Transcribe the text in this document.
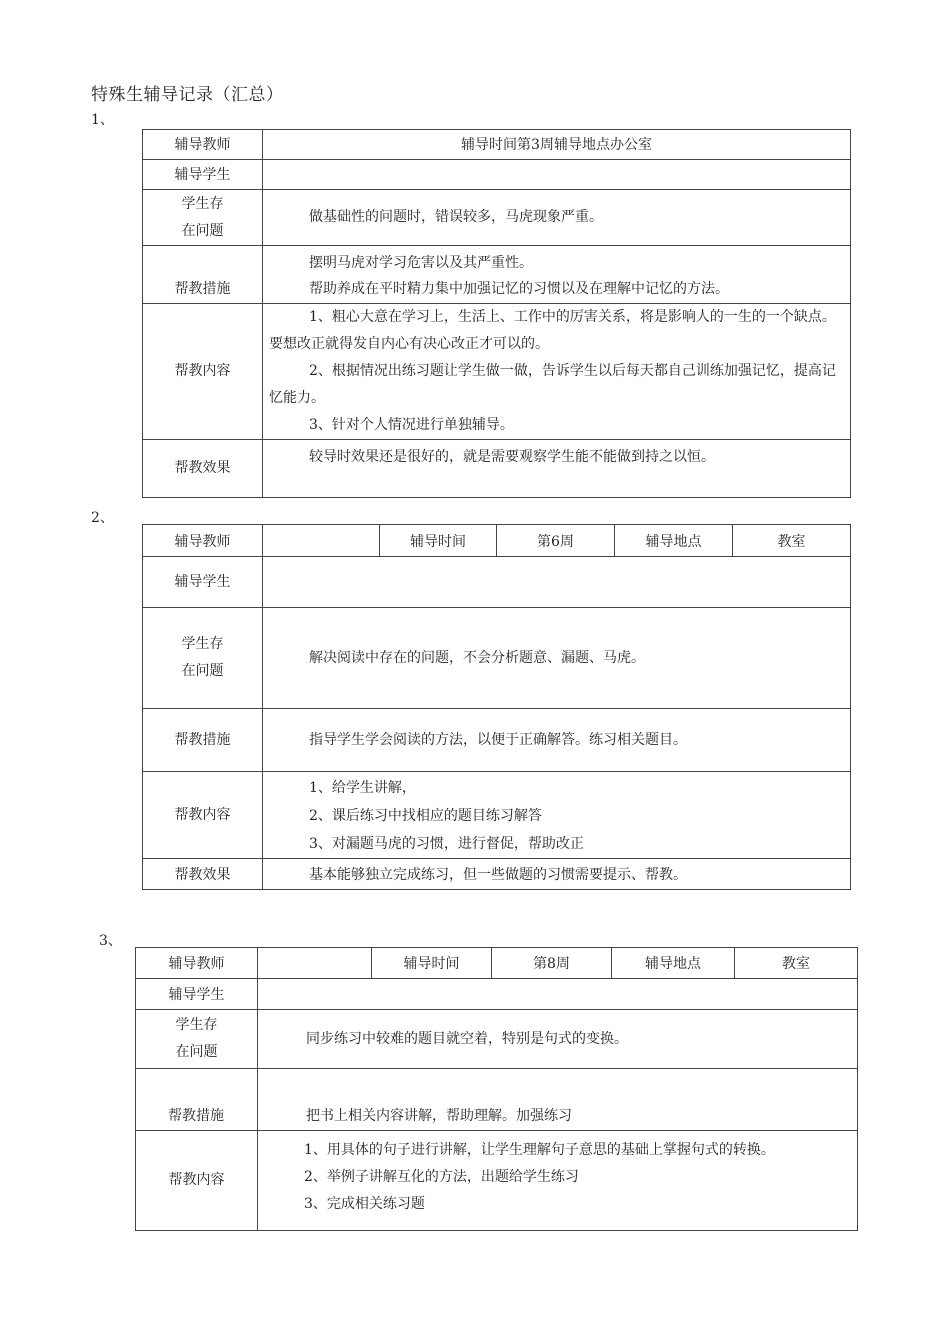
特殊生辅导记录（汇总）
1、
辅导教师	辅导时间第3周辅导地点办公室
辅导学生	

学生存
在问题	做基础性的问题时，错误较多，马虎现象严重。
帮教措施	摆明马虎对学习危害以及其严重性。
帮助养成在平时精力集中加强记忆的习惯以及在理解中记忆的方法。

帮教内容	1、粗心大意在学习上，生活上、工作中的厉害关系，将是影响人的一生的一个缺点。要想改正就得发自内心有决心改正才可以的。

2、根据情况出练习题让学生做一做，告诉学生以后每天都自己训练加强记忆，提高记忆能力。

3、针对个人情况进行单独辅导。

帮教效果	较导时效果还是很好的，就是需要观察学生能不能做到持之以恒。
2、
辅导教师		辅导时间	第6周	辅导地点	教室
辅导学生					

学生存
在问题	解决阅读中存在的问题，不会分析题意、漏题、马虎。				
帮教措施	指导学生学会阅读的方法，以便于正确解答。练习相关题目。				
帮教内容	1、给学生讲解，
2、课后练习中找相应的题目练习解答
3、对漏题马虎的习惯，进行督促，帮助改正				

帮教效果	基本能够独立完成练习，但一些做题的习惯需要提示、帮教。				
3、
辅导教师		辅导时间	第8周	辅导地点	教室
辅导学生					

学生存
在问题	同步练习中较难的题目就空着，特别是句式的变换。				
帮教措施	把书上相关内容讲解，帮助理解。加强练习				
帮教内容	1、用具体的句子进行讲解，让学生理解句子意思的基础上掌握句式的转换。
2、举例子讲解互化的方法，出题给学生练习
3、完成相关练习题				
